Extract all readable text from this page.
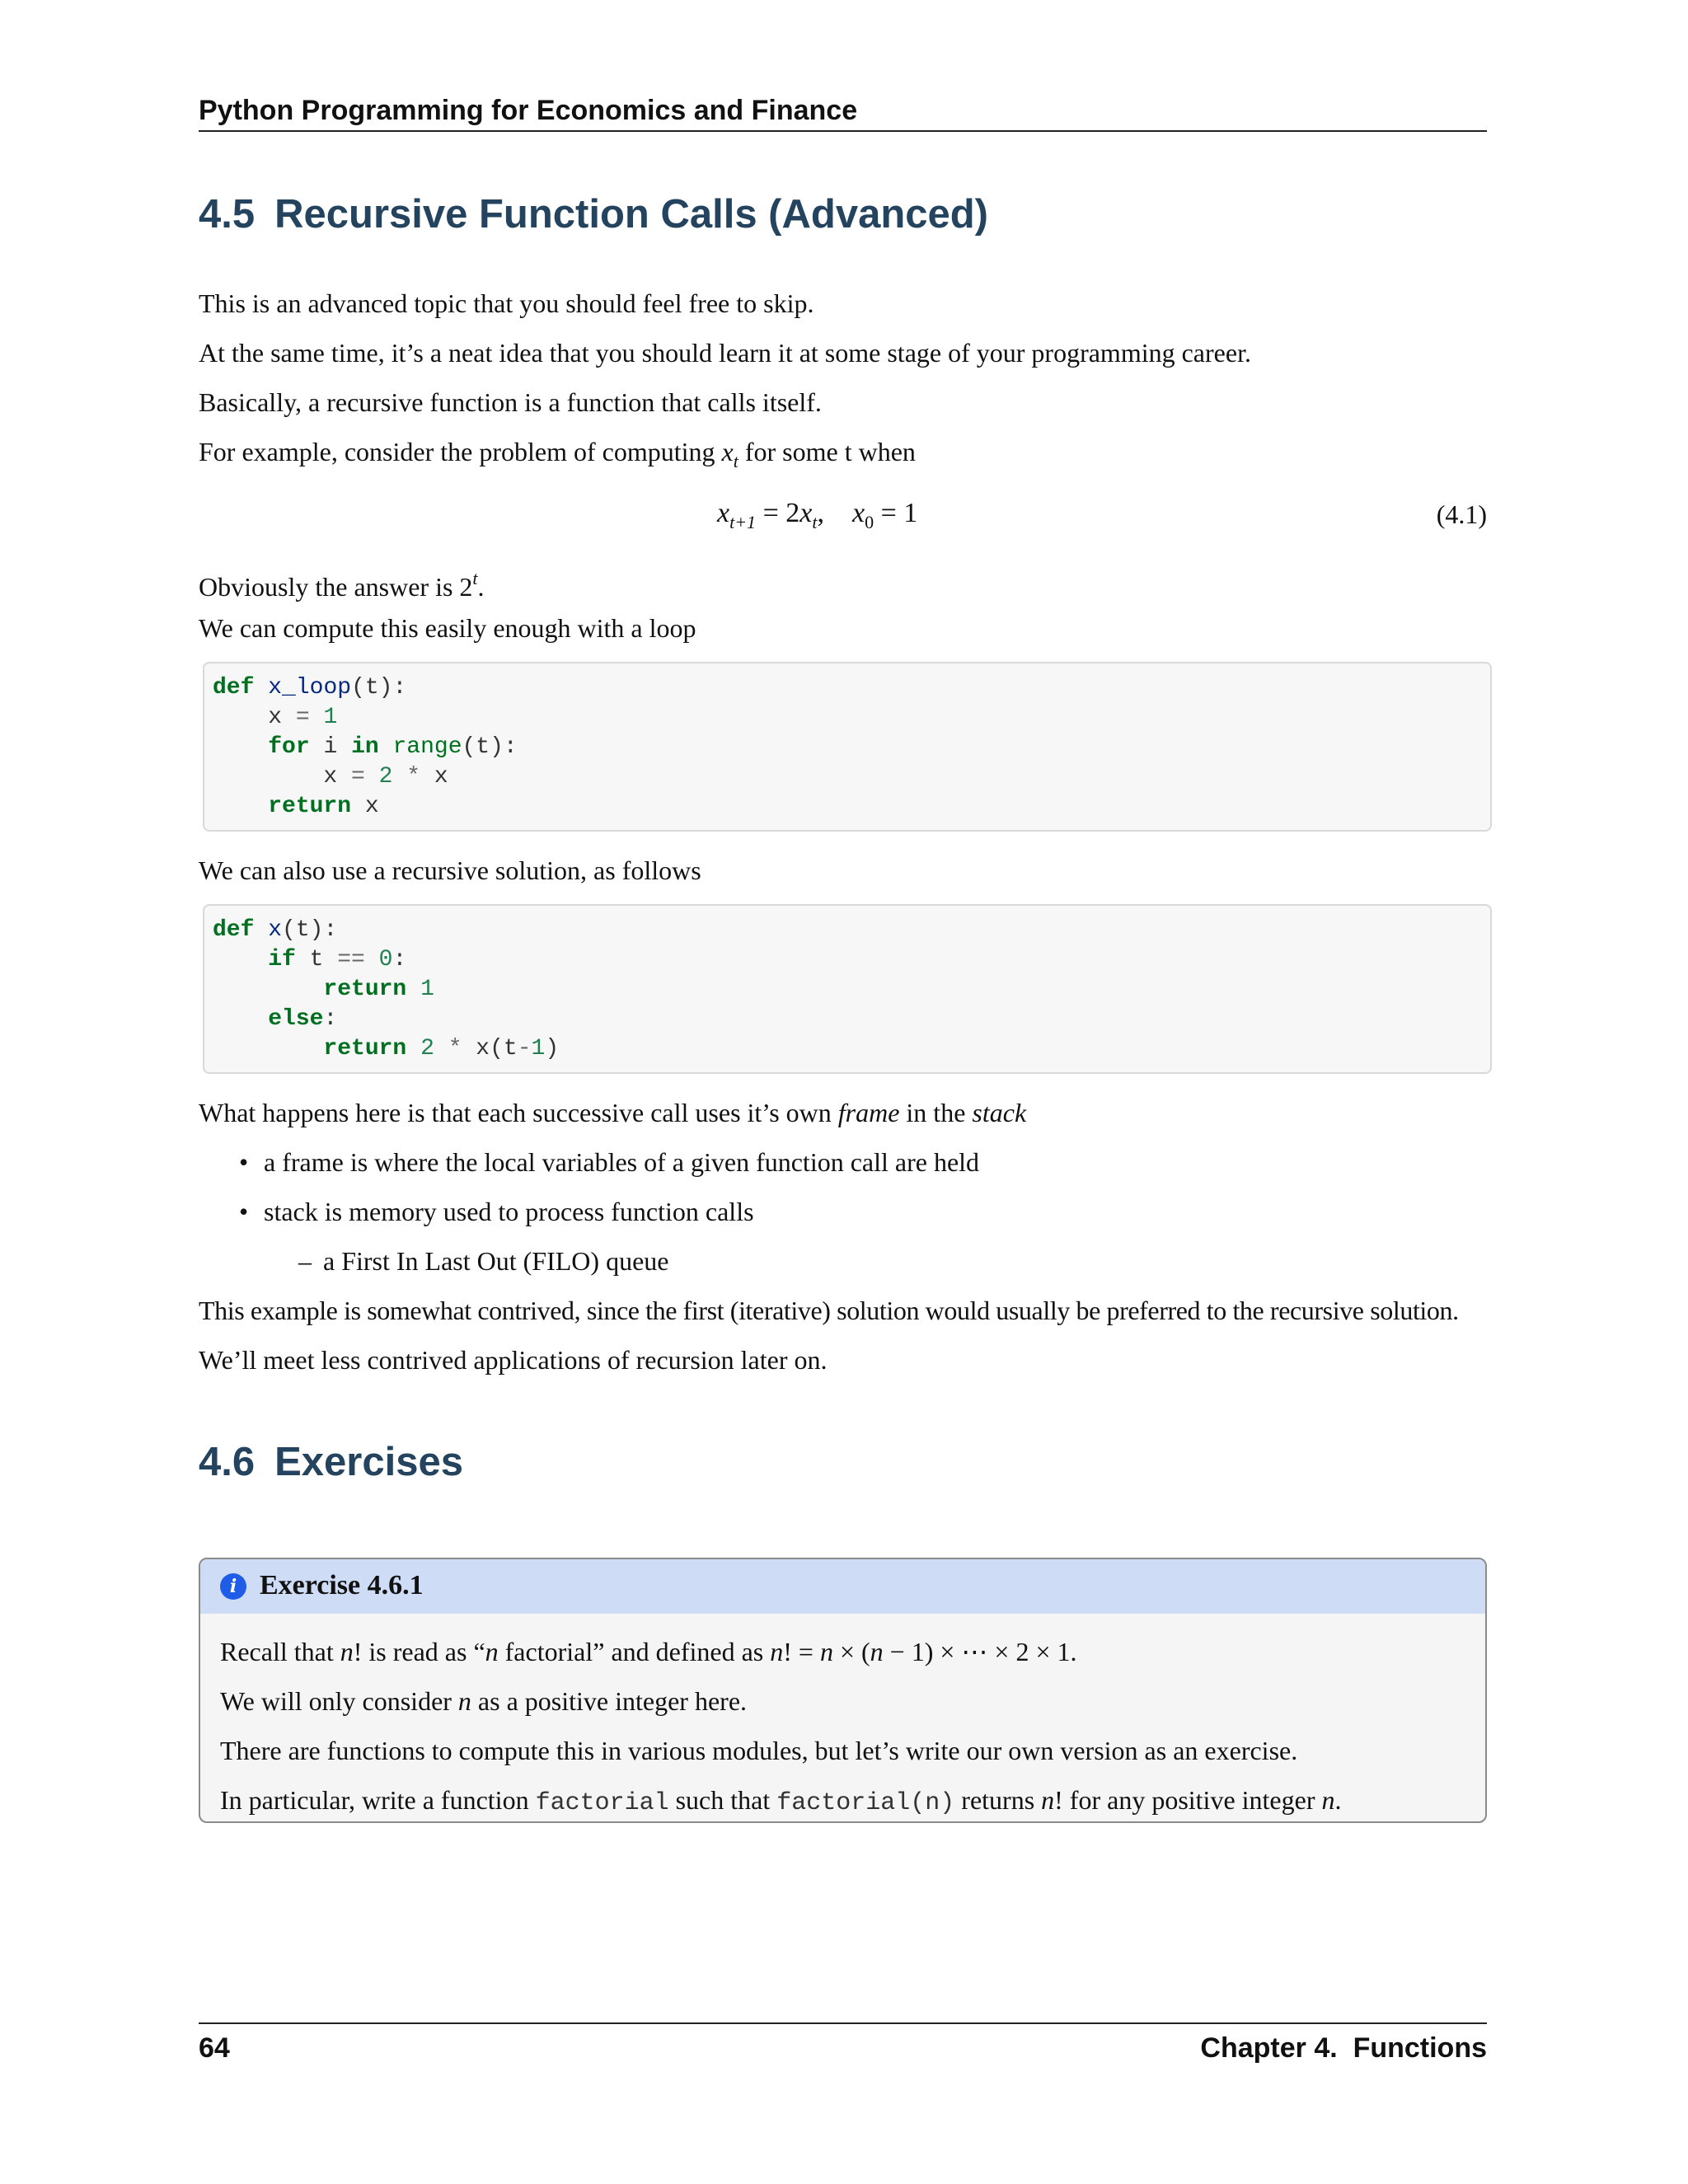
Python Programming for Economics and Finance
4.5 Recursive Function Calls (Advanced)
This is an advanced topic that you should feel free to skip.
At the same time, it’s a neat idea that you should learn it at some stage of your programming career.
Basically, a recursive function is a function that calls itself.
For example, consider the problem of computing $x_t$ for some t when
$x_{t+1} = 2x_t$,    $x_0 = 1$	(4.1)
Obviously the answer is 2$^t$.
We can compute this easily enough with a loop
def x_loop(t):
x = 1
for i in range(t):
x = 2 * x
return x
We can also use a recursive solution, as follows
def x(t):
if t == 0:
return 1
else:
return 2 * x(t-1)
What happens here is that each successive call uses it’s own frame in the stack
• a frame is where the local variables of a given function call are held
• stack is memory used to process function calls
– a First In Last Out (FILO) queue
This example is somewhat contrived, since the first (iterative) solution would usually be preferred to the recursive solution.
We’ll meet less contrived applications of recursion later on.
4.6 Exercises
i Exercise 4.6.1
Recall that n! is read as “n factorial” and defined as n! = n × (n − 1) × ⋯ × 2 × 1.
We will only consider n as a positive integer here.
There are functions to compute this in various modules, but let’s write our own version as an exercise.
In particular, write a function factorial such that factorial(n) returns n! for any positive integer n.
64	Chapter 4.  Functions
